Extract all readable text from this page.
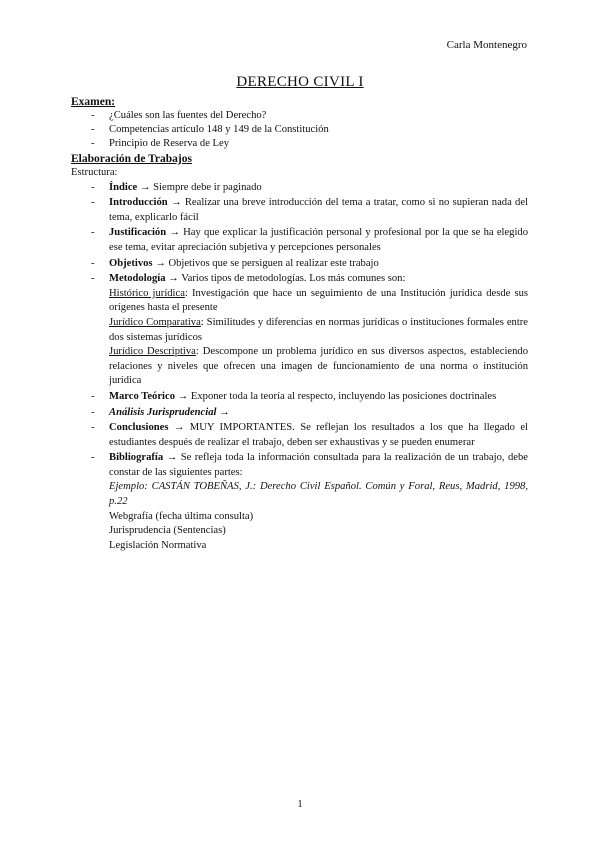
Carla Montenegro
DERECHO CIVIL I
Examen:
- ¿Cuáles son las fuentes del Derecho?
- Competencias artículo 148 y 149 de la Constitución
- Principio de Reserva de Ley
Elaboración de Trabajos
Estructura:
- Índice → Siempre debe ir paginado
- Introducción → Realizar una breve introducción del tema a tratar, como si no supieran nada del tema, explicarlo fácil
- Justificación → Hay que explicar la justificación personal y profesional por la que se ha elegido ese tema, evitar apreciación subjetiva y percepciones personales
- Objetivos → Objetivos que se persiguen al realizar este trabajo
- Metodología → Varios tipos de metodologías. Los más comunes son:
Histórico jurídica: Investigación que hace un seguimiento de una Institución jurídica desde sus orígenes hasta el presente
Jurídico Comparativa: Similitudes y diferencias en normas jurídicas o instituciones formales entre dos sistemas jurídicos
Jurídico Descriptiva: Descompone un problema jurídico en sus diversos aspectos, estableciendo relaciones y niveles que ofrecen una imagen de funcionamiento de una norma o institución jurídica
- Marco Teórico → Exponer toda la teoría al respecto, incluyendo las posiciones doctrinales
- Análisis Jurisprudencial →
- Conclusiones → MUY IMPORTANTES. Se reflejan los resultados a los que ha llegado el estudiantes después de realizar el trabajo, deben ser exhaustivas y se pueden enumerar
- Bibliografía → Se refleja toda la información consultada para la realización de un trabajo, debe constar de las siguientes partes:
Ejemplo: CASTÁN TOBEÑAS, J.: Derecho Civil Español. Común y Foral, Reus, Madrid, 1998, p.22
Webgrafía (fecha última consulta)
Jurisprudencia (Sentencias)
Legislación Normativa
1
